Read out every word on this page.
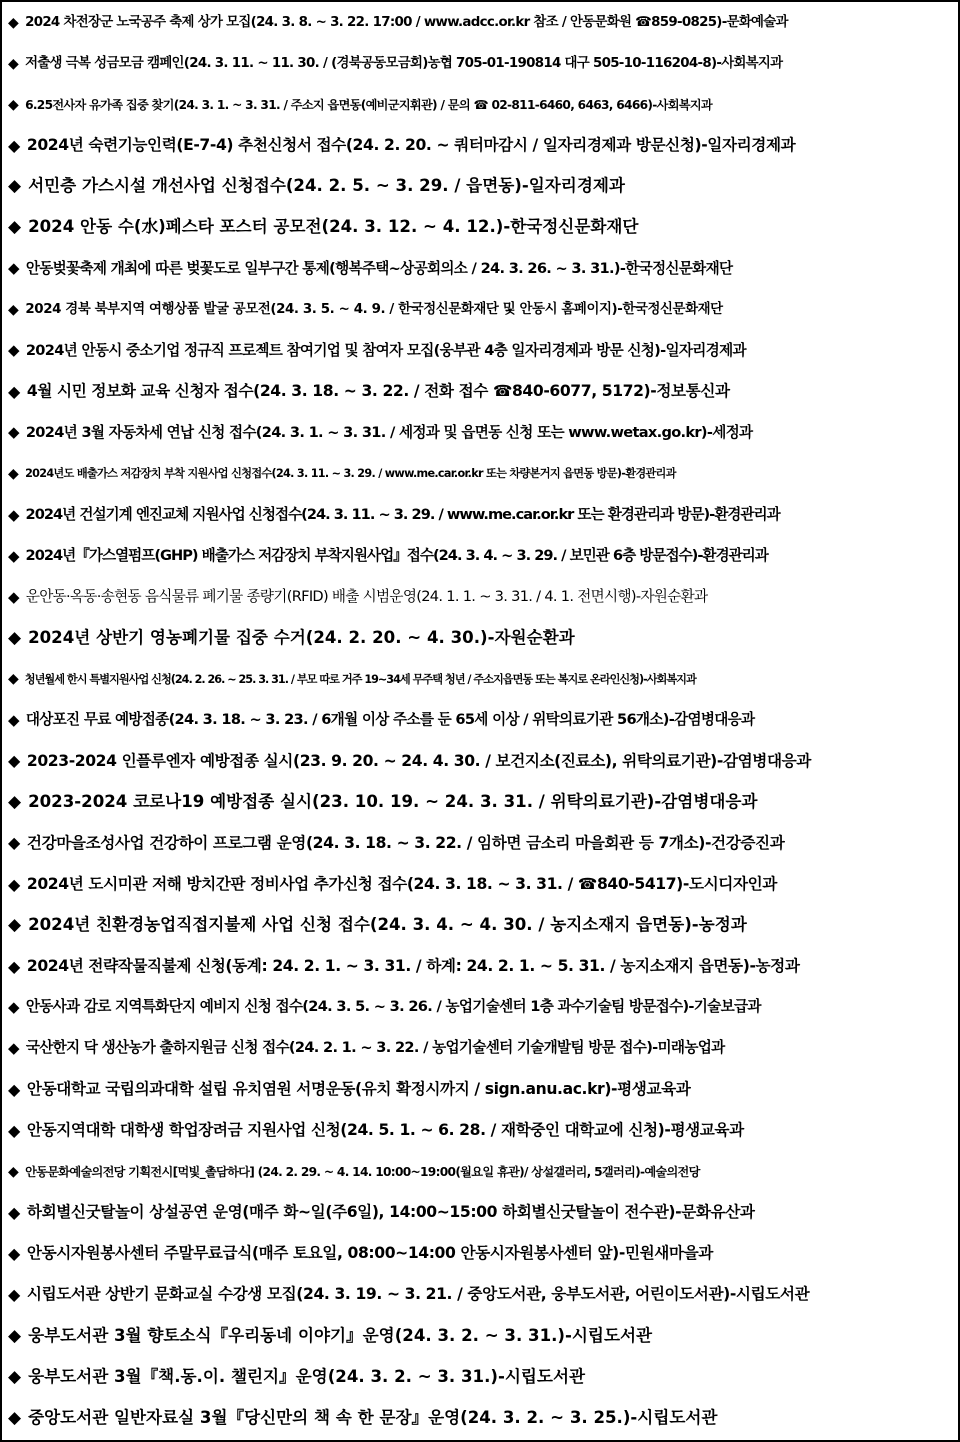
◆ 2024 차전장군 노국공주 축제 상가 모집(24. 3. 8. ~ 3. 22. 17:00 / www.adcc.or.kr 참조 / 안동문화원 ☎859-0825)-문화예술과
◆ 저출생 극복 성금모금 캠페인(24. 3. 11. ~ 11. 30. / (경북공동모금회)농협 705-01-190814 대구 505-10-116204-8)-사회복지과
◆ 6.25전사자 유가족 집중 찾기(24. 3. 1. ~ 3. 31. / 주소지 읍면동(예비군지휘관) / 문의 ☎ 02-811-6460, 6463, 6466)-사회복지과
◆ 2024년 숙련기능인력(E-7-4) 추천신청서 접수(24. 2. 20. ~ 쿼터마감시 / 일자리경제과 방문신청)-일자리경제과
◆ 서민층 가스시설 개선사업 신청접수(24. 2. 5. ~ 3. 29. / 읍면동)-일자리경제과
◆ 2024 안동 수(水)페스타 포스터 공모전(24. 3. 12. ~ 4. 12.)-한국정신문화재단
◆ 안동벚꽃축제 개최에 따른 벚꽃도로 일부구간 통제(행복주택~상공회의소 / 24. 3. 26. ~ 3. 31.)-한국정신문화재단
◆ 2024 경북 북부지역 여행상품 발굴 공모전(24. 3. 5. ~ 4. 9. / 한국정신문화재단 및 안동시 홈페이지)-한국정신문화재단
◆ 2024년 안동시 중소기업 정규직 프로젝트 참여기업 및 참여자 모집(웅부관 4층 일자리경제과 방문 신청)-일자리경제과
◆ 4월 시민 정보화 교육 신청자 접수(24. 3. 18. ~ 3. 22. / 전화 접수 ☎840-6077, 5172)-정보통신과
◆ 2024년 3월 자동차세 연납 신청 접수(24. 3. 1. ~ 3. 31. / 세정과 및 읍면동 신청 또는 www.wetax.go.kr)-세정과
◆ 2024년도 배출가스 저감장치 부착 지원사업 신청접수(24. 3. 11. ~ 3. 29. / www.me.car.or.kr 또는 차량본거지 읍면동 방문)-환경관리과
◆ 2024년 건설기계 엔진교체 지원사업 신청접수(24. 3. 11. ~ 3. 29. / www.me.car.or.kr 또는 환경관리과 방문)-환경관리과
◆ 2024년『가스열펌프(GHP) 배출가스 저감장치 부착지원사업』접수(24. 3. 4. ~ 3. 29. / 보민관 6층 방문접수)-환경관리과
◆ 운안동·옥동·송현동 음식물류 폐기물 종량기(RFID) 배출 시범운영(24. 1. 1. ~ 3. 31. / 4. 1. 전면시행)-자원순환과
◆ 2024년 상반기 영농폐기물 집중 수거(24. 2. 20. ~ 4. 30.)-자원순환과
◆ 청년월세 한시 특별지원사업 신청(24. 2. 26. ~ 25. 3. 31. / 부모 따로 거주 19~34세 무주택 청년 / 주소지읍면동 또는 복지로 온라인신청)-사회복지과
◆ 대상포진 무료 예방접종(24. 3. 18. ~ 3. 23. / 6개월 이상 주소를 둔 65세 이상 / 위탁의료기관 56개소)-감염병대응과
◆ 2023-2024 인플루엔자 예방접종 실시(23. 9. 20. ~ 24. 4. 30. / 보건지소(진료소), 위탁의료기관)-감염병대응과
◆ 2023-2024 코로나19 예방접종 실시(23. 10. 19. ~ 24. 3. 31. / 위탁의료기관)-감염병대응과
◆ 건강마을조성사업 건강하이 프로그램 운영(24. 3. 18. ~ 3. 22. / 임하면 금소리 마을회관 등 7개소)-건강증진과
◆ 2024년 도시미관 저해 방치간판 정비사업 추가신청 접수(24. 3. 18. ~ 3. 31. / ☎840-5417)-도시디자인과
◆ 2024년 친환경농업직접지불제 사업 신청 접수(24. 3. 4. ~ 4. 30. / 농지소재지 읍면동)-농정과
◆ 2024년 전략작물직불제 신청(동계: 24. 2. 1. ~ 3. 31. / 하계: 24. 2. 1. ~ 5. 31. / 농지소재지 읍면동)-농정과
◆ 안동사과 감로 지역특화단지 예비지 신청 접수(24. 3. 5. ~ 3. 26. / 농업기술센터 1층 과수기술팀 방문접수)-기술보급과
◆ 국산한지 닥 생산농가 출하지원금 신청 접수(24. 2. 1. ~ 3. 22. / 농업기술센터 기술개발팀 방문 접수)-미래농업과
◆ 안동대학교 국립의과대학 설립 유치염원 서명운동(유치 확정시까지 / sign.anu.ac.kr)-평생교육과
◆ 안동지역대학 대학생 학업장려금 지원사업 신청(24. 5. 1. ~ 6. 28. / 재학중인 대학교에 신청)-평생교육과
◆ 안동문화예술의전당 기획전시[먹빛_촐담하다] (24. 2. 29. ~ 4. 14. 10:00~19:00(월요일 휴관)/ 상설갤러리, 5갤러리)-예술의전당
◆ 하회별신굿탈놀이 상설공연 운영(매주 화~일(주6일), 14:00~15:00 하회별신굿탈놀이 전수관)-문화유산과
◆ 안동시자원봉사센터 주말무료급식(매주 토요일, 08:00~14:00 안동시자원봉사센터 앞)-민원새마을과
◆ 시립도서관 상반기 문화교실 수강생 모집(24. 3. 19. ~ 3. 21. / 중앙도서관, 웅부도서관, 어린이도서관)-시립도서관
◆ 웅부도서관 3월 향토소식『우리동네 이야기』운영(24. 3. 2. ~ 3. 31.)-시립도서관
◆ 웅부도서관 3월『책.동.이. 챌린지』운영(24. 3. 2. ~ 3. 31.)-시립도서관
◆ 중앙도서관 일반자료실 3월『당신만의 책 속 한 문장』운영(24. 3. 2. ~ 3. 25.)-시립도서관
